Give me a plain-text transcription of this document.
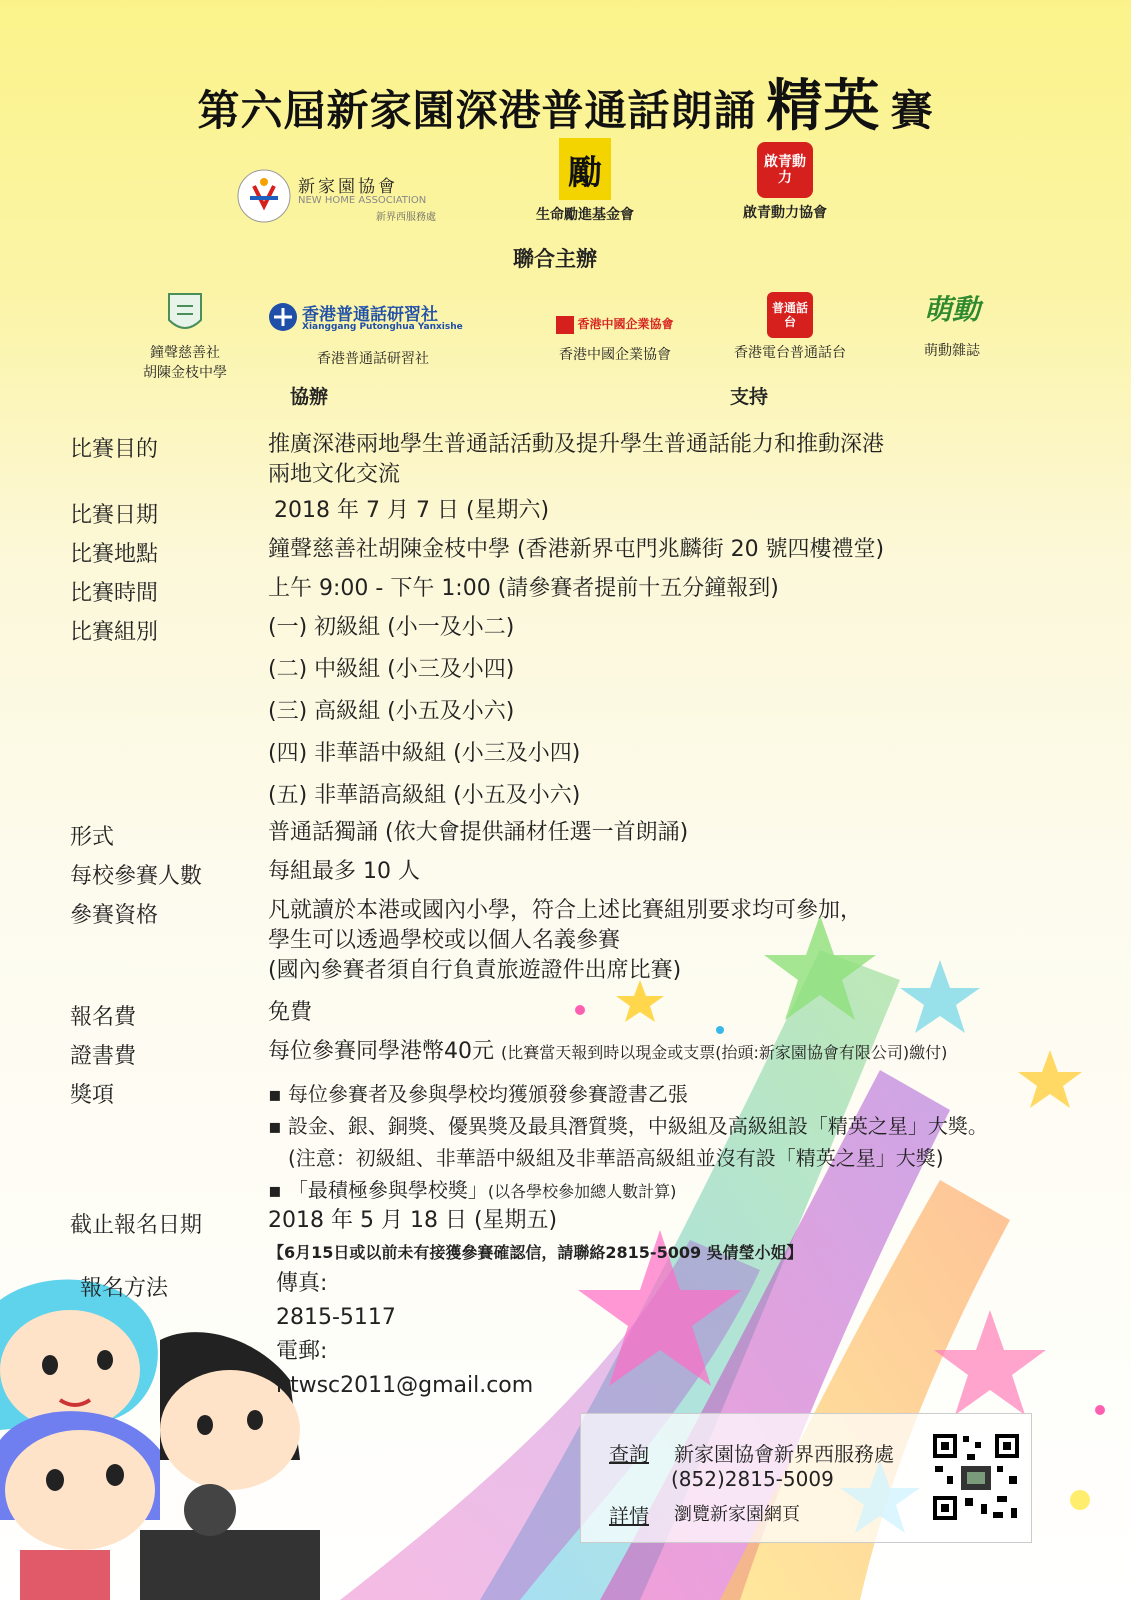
第六屆新家園深港普通話朗誦 精英 賽
新家園協會
NEW HOME ASSOCIATION
新界西服務處
勵
生命勵進基金會
啟青動力
啟青動力協會
聯合主辦
鐘聲慈善社
胡陳金枝中學
香港普通話研習社
Xianggang Putonghua Yanxishe
香港普通話研習社
協辦
香港中國企業協會
香港中國企業協會
普通話台
香港電台普通話台
萌動
萌動雜誌
支持
比賽目的	推廣深港兩地學生普通話活動及提升學生普通話能力和推動深港
兩地文化交流
比賽日期	2018 年 7 月 7 日 (星期六)
比賽地點	鐘聲慈善社胡陳金枝中學 (香港新界屯門兆麟街 20 號四樓禮堂)
比賽時間	上午 9:00 - 下午 1:00 (請參賽者提前十五分鐘報到)
比賽組別	(一) 初級組 (小一及小二)
(二) 中級組 (小三及小四)
(三) 高級組 (小五及小六)
(四) 非華語中級組 (小三及小四)
(五) 非華語高級組 (小五及小六)
形式	普通話獨誦 (依大會提供誦材任選一首朗誦)
每校參賽人數	每組最多 10 人
參賽資格	凡就讀於本港或國內小學，符合上述比賽組別要求均可參加，
學生可以透過學校或以個人名義參賽
(國內參賽者須自行負責旅遊證件出席比賽)
報名費	免費
證書費	每位參賽同學港幣40元 (比賽當天報到時以現金或支票(抬頭:新家園協會有限公司)繳付)
獎項	▪ 每位參賽者及參與學校均獲頒發參賽證書乙張
▪ 設金、銀、銅獎、優異獎及最具潛質獎，中級組及高級組設「精英之星」大獎。
(注意：初級組、非華語中級組及非華語高級組並沒有設「精英之星」大獎)
▪ 「最積極參與學校獎」(以各學校參加總人數計算)
截止報名日期	2018 年 5 月 18 日 (星期五)
【6月15日或以前未有接獲參賽確認信，請聯絡2815-5009 吳倩瑩小姐】
報名方法	傳真:
2815-5117
電郵:
ntwsc2011@gmail.com
查詢 新家園協會新界西服務處
(852)2815-5009
詳情 瀏覽新家園網頁
